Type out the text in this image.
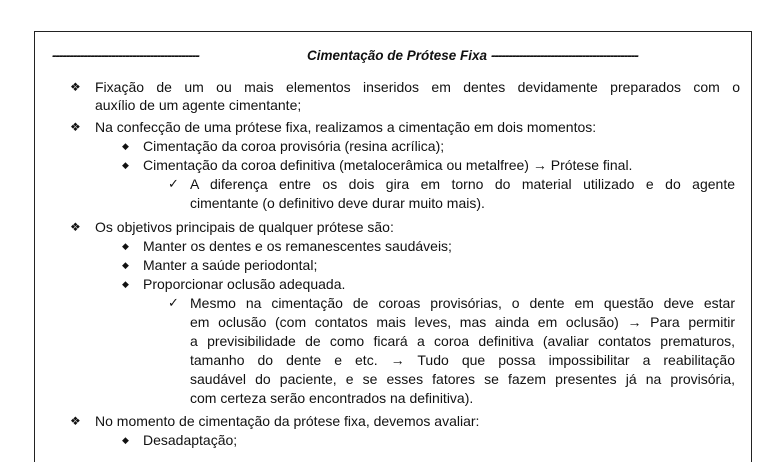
------------------------------------------	Cimentação de Prótese Fixa ------------------------------------------
❖ Fixação de um ou mais elementos inseridos em dentes devidamente preparados com o
auxílio de um agente cimentante;
❖ Na confecção de uma prótese fixa, realizamos a cimentação em dois momentos:
◆ Cimentação da coroa provisória (resina acrílica);
◆ Cimentação da coroa definitiva (metalocerâmica ou metalfree) → Prótese final.
✓ A diferença entre os dois gira em torno do material utilizado e do agente
cimentante (o definitivo deve durar muito mais).
❖ Os objetivos principais de qualquer prótese são:
◆ Manter os dentes e os remanescentes saudáveis;
◆ Manter a saúde periodontal;
◆ Proporcionar oclusão adequada.
✓ Mesmo na cimentação de coroas provisórias, o dente em questão deve estar
em oclusão (com contatos mais leves, mas ainda em oclusão) → Para permitir
a previsibilidade de como ficará a coroa definitiva (avaliar contatos prematuros,
tamanho do dente e etc. → Tudo que possa impossibilitar a reabilitação
saudável do paciente, e se esses fatores se fazem presentes já na provisória,
com certeza serão encontrados na definitiva).
❖ No momento de cimentação da prótese fixa, devemos avaliar:
◆ Desadaptação;
